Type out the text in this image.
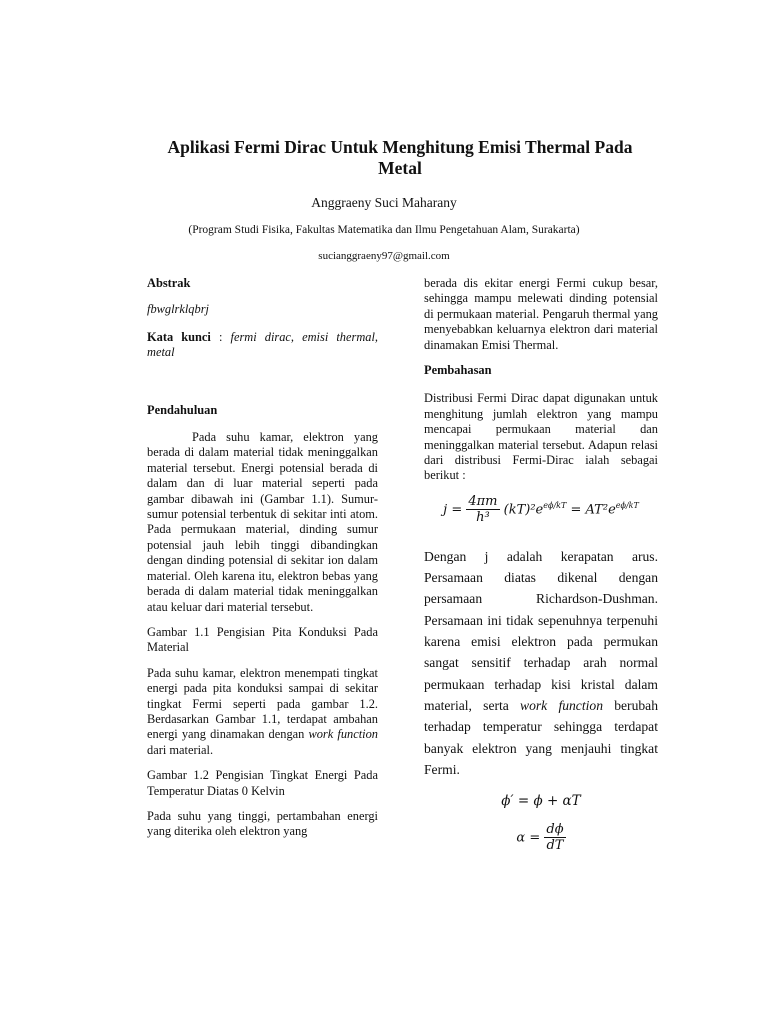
Aplikasi Fermi Dirac Untuk Menghitung Emisi Thermal Pada Metal
Anggraeny Suci Maharany
(Program Studi Fisika, Fakultas Matematika dan Ilmu Pengetahuan Alam, Surakarta)
sucianggraeny97@gmail.com

Abstrak

fbwglrklqbrj

Kata kunci : fermi dirac, emisi thermal, metal

Pendahuluan

Pada suhu kamar, elektron yang berada di dalam material tidak meninggalkan material tersebut. Energi potensial berada di dalam dan di luar material seperti pada gambar dibawah ini (Gambar 1.1). Sumur-sumur potensial terbentuk di sekitar inti atom. Pada permukaan material, dinding sumur potensial jauh lebih tinggi dibandingkan dengan dinding potensial di sekitar ion dalam material. Oleh karena itu, elektron bebas yang berada di dalam material tidak meninggalkan atau keluar dari material tersebut.

Gambar 1.1 Pengisian Pita Konduksi Pada Material

Pada suhu kamar, elektron menempati tingkat energi pada pita konduksi sampai di sekitar tingkat Fermi seperti pada gambar 1.2. Berdasarkan Gambar 1.1, terdapat ambahan energi yang dinamakan dengan work function dari material.

Gambar 1.2 Pengisian Tingkat Energi Pada Temperatur Diatas 0 Kelvin

Pada suhu yang tinggi, pertambahan energi yang diterika oleh elektron yang

berada dis ekitar energi Fermi cukup besar, sehingga mampu melewati dinding potensial di permukaan material. Pengaruh thermal yang menyebabkan keluarnya elektron dari material dinamakan Emisi Thermal.

Pembahasan

Distribusi Fermi Dirac dapat digunakan untuk menghitung jumlah elektron yang mampu mencapai permukaan material dan meninggalkan material tersebut. Adapun relasi dari distribusi Fermi-Dirac ialah sebagai berikut :

$j = \frac{4\pi m}{\text{h³}} (kT)^2e^{e\phi/kT} = AT^2e^{e\phi/kT}$

Dengan j adalah kerapatan arus. Persamaan diatas dikenal dengan persamaan Richardson-Dushman. Persamaan ini tidak sepenuhnya terpenuhi karena emisi elektron pada permukan sangat sensitif terhadap arah normal permukaan terhadap kisi kristal dalam material, serta work function berubah terhadap temperatur sehingga terdapat banyak elektron yang menjauhi tingkat Fermi.

ϕ′ = ϕ + αT
$\alpha = \frac{d\phi}{dT}$
